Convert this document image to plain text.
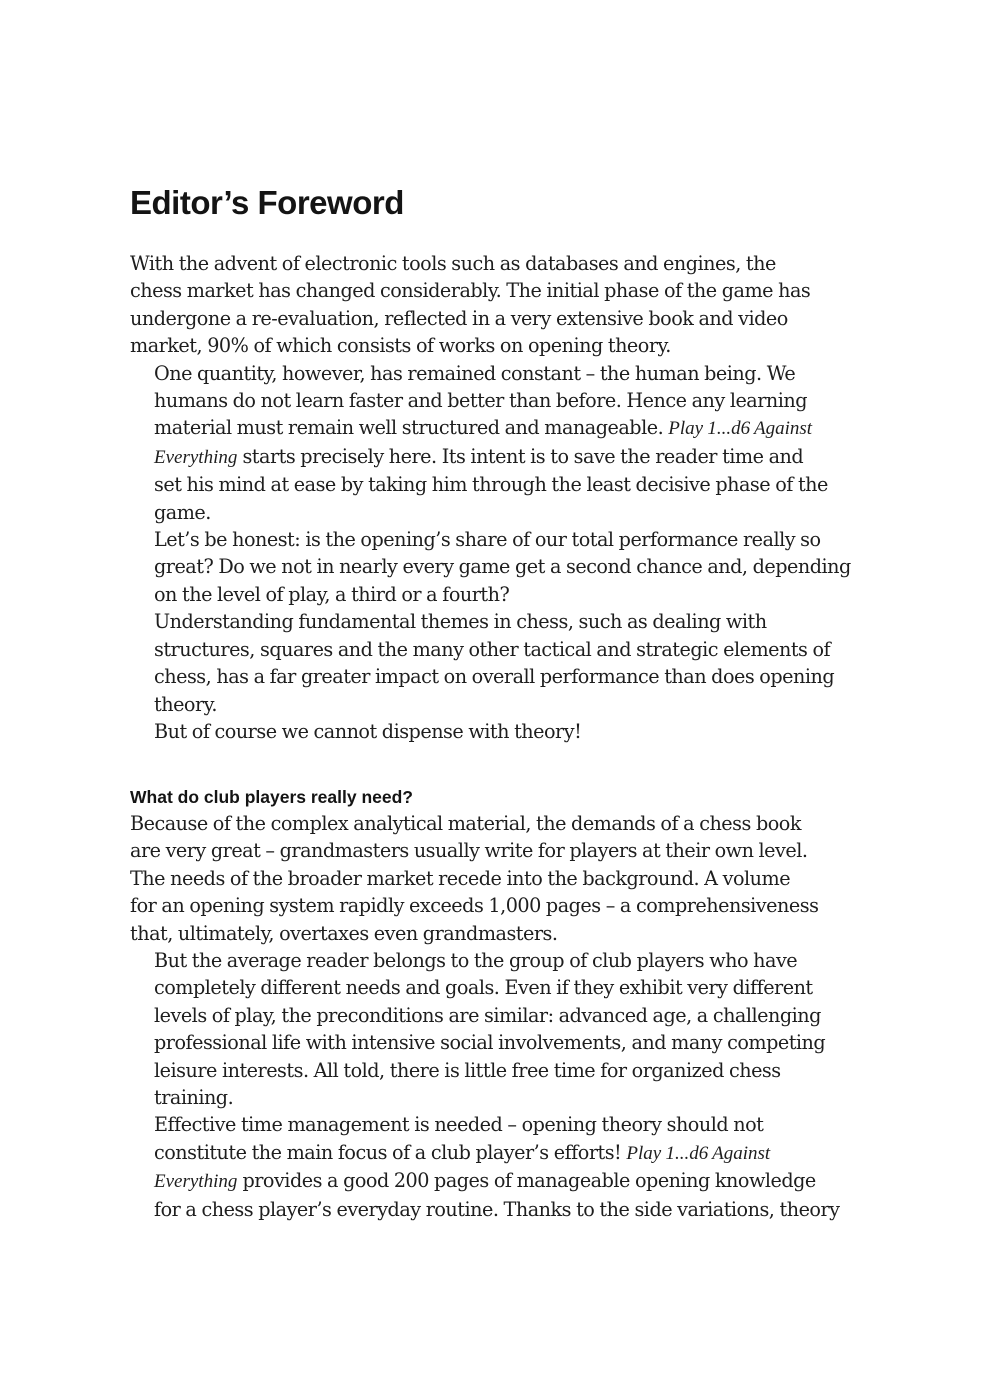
Editor’s Foreword

With the advent of electronic tools such as databases and engines, the
chess market has changed considerably. The initial phase of the game has
undergone a re-evaluation, reflected in a very extensive book and video
market, 90% of which consists of works on opening theory.

One quantity, however, has remained constant – the human being. We
humans do not learn faster and better than before. Hence any learning
material must remain well structured and manageable. Play 1...d6 Against
Everything starts precisely here. Its intent is to save the reader time and
set his mind at ease by taking him through the least decisive phase of the
game.

Let’s be honest: is the opening’s share of our total performance really so
great? Do we not in nearly every game get a second chance and, depending
on the level of play, a third or a fourth?

Understanding fundamental themes in chess, such as dealing with
structures, squares and the many other tactical and strategic elements of
chess, has a far greater impact on overall performance than does opening
theory.

But of course we cannot dispense with theory!

What do club players really need?

Because of the complex analytical material, the demands of a chess book
are very great – grandmasters usually write for players at their own level.
The needs of the broader market recede into the background. A volume
for an opening system rapidly exceeds 1,000 pages – a comprehensiveness
that, ultimately, overtaxes even grandmasters.

But the average reader belongs to the group of club players who have
completely different needs and goals. Even if they exhibit very different
levels of play, the preconditions are similar: advanced age, a challenging
professional life with intensive social involvements, and many competing
leisure interests. All told, there is little free time for organized chess
training.

Effective time management is needed – opening theory should not
constitute the main focus of a club player’s efforts! Play 1...d6 Against
Everything provides a good 200 pages of manageable opening knowledge
for a chess player’s everyday routine. Thanks to the side variations, theory
